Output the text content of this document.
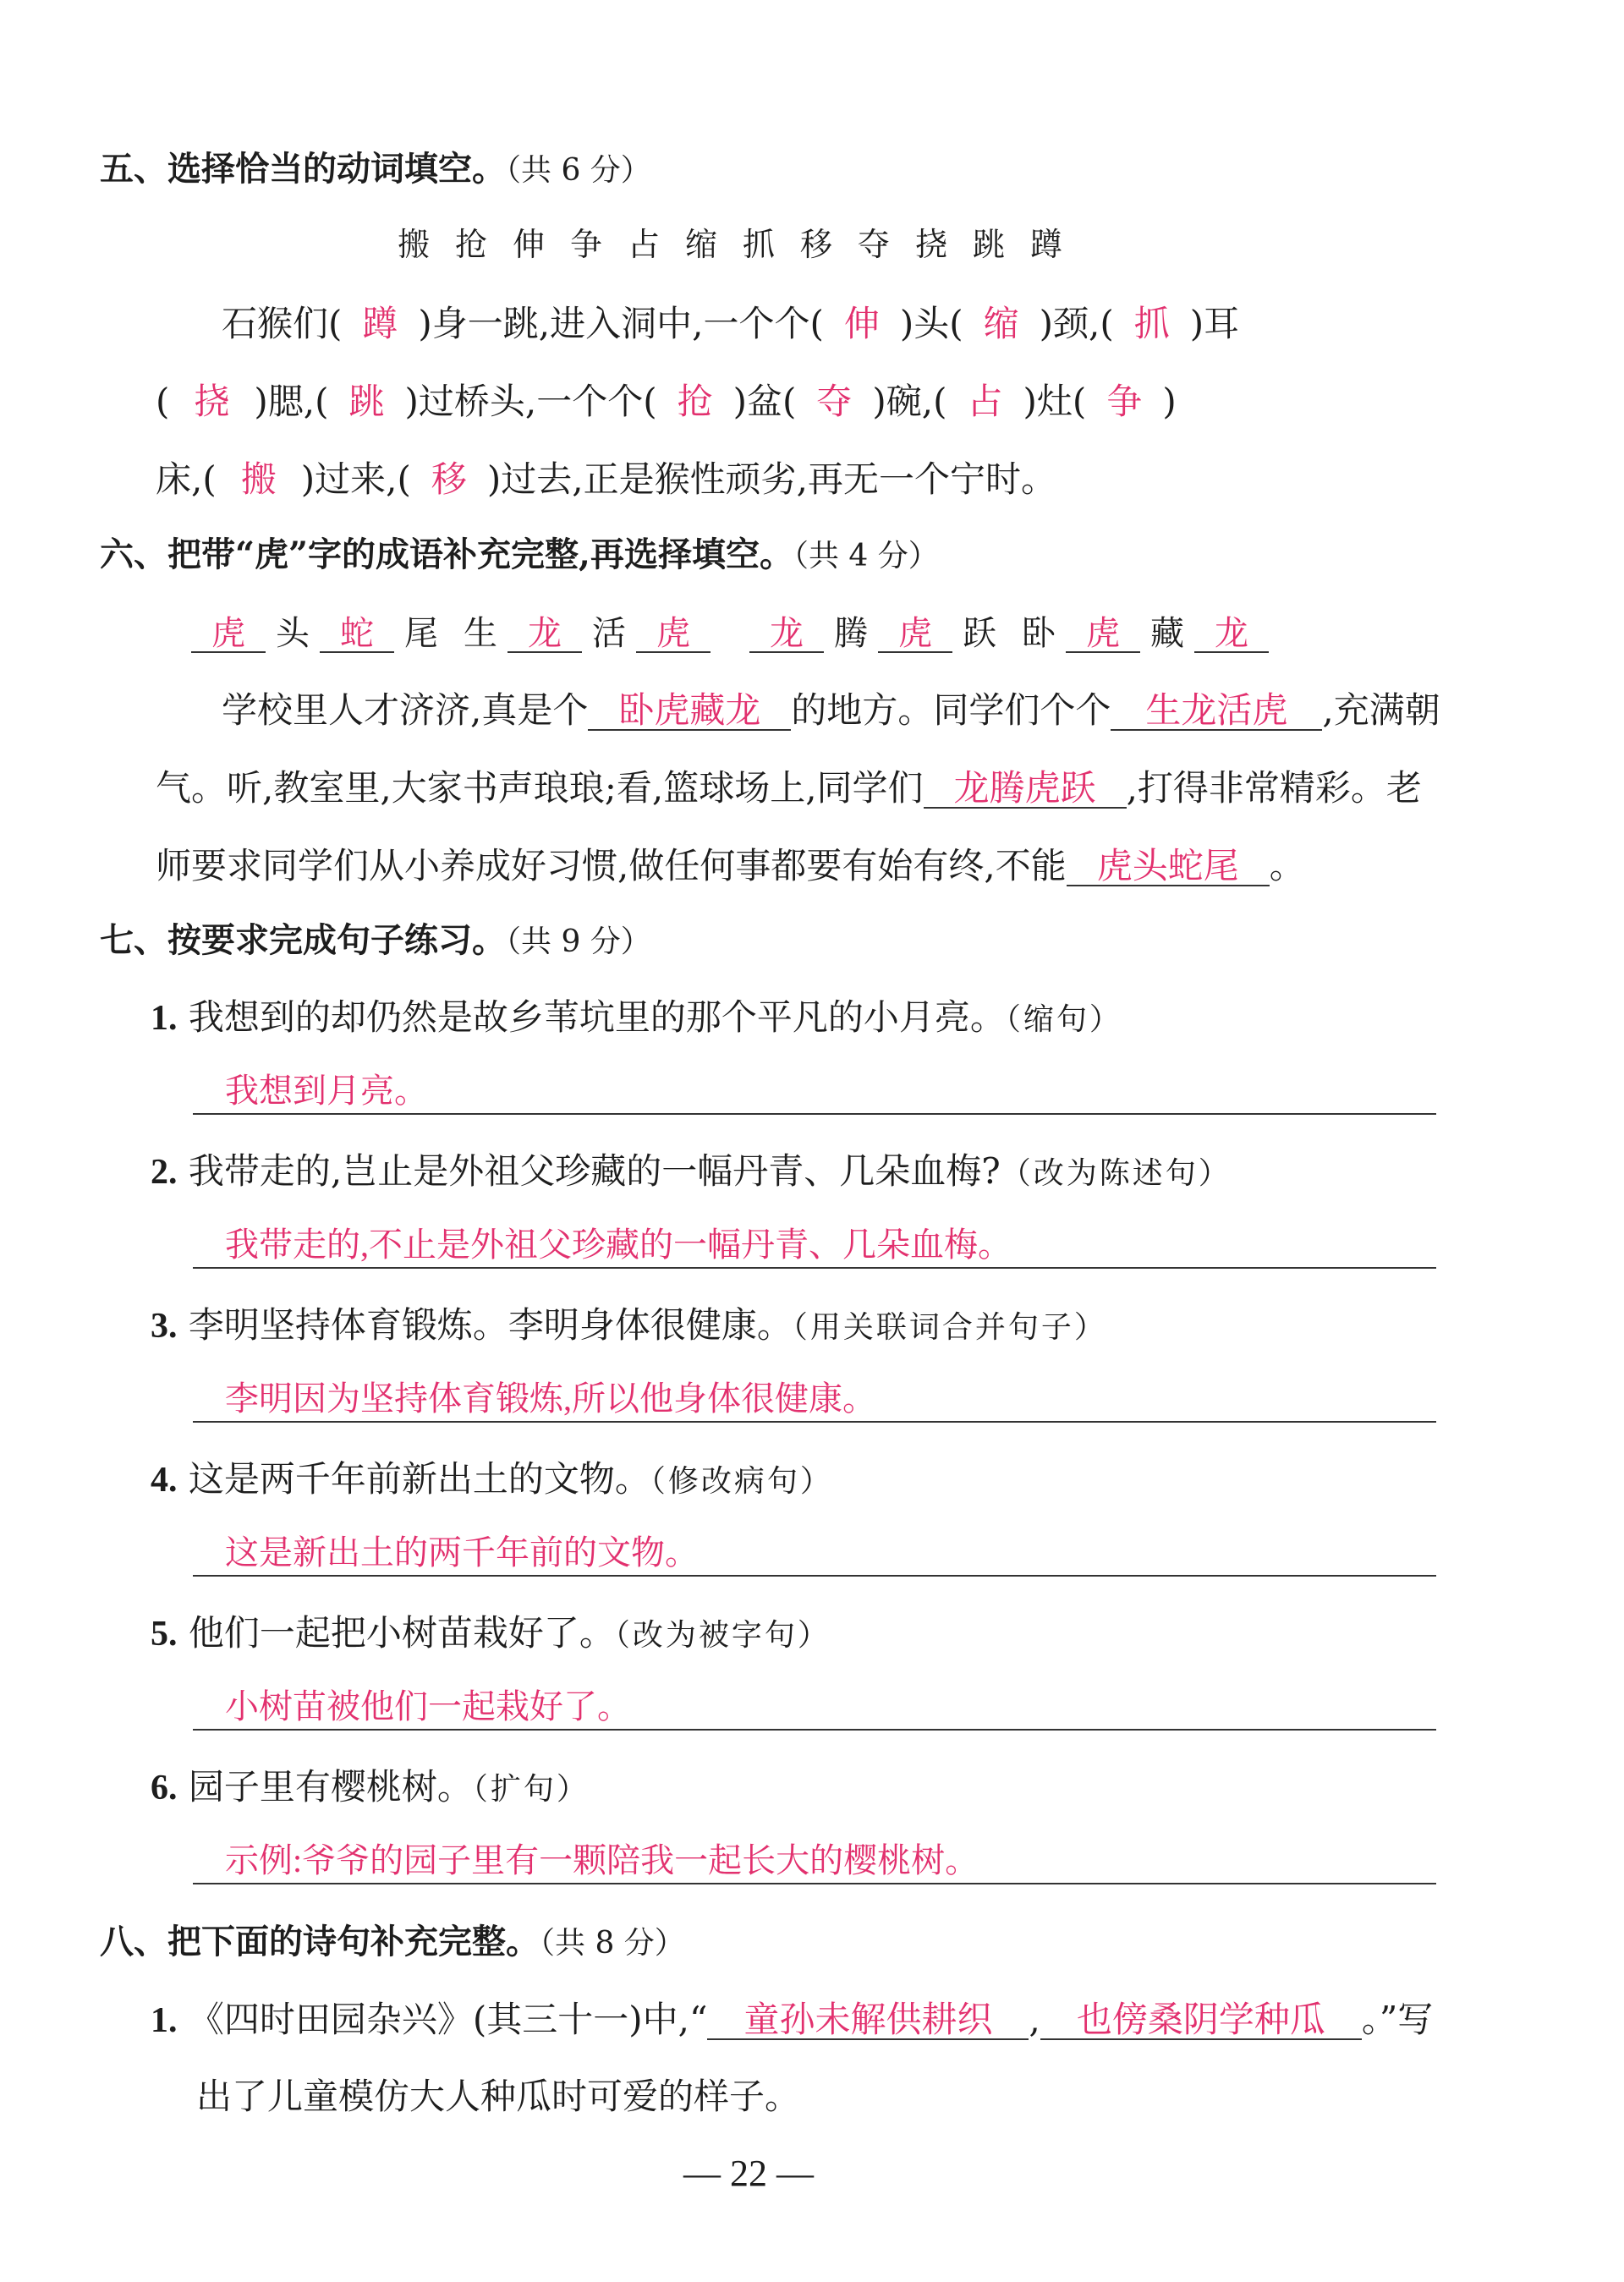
五、选择恰当的动词填空。（共 6 分）
搬抢伸争占缩抓移夺挠跳蹲
石猴们( 蹲 )身一跳,进入洞中,一个个( 伸 )头( 缩 )颈,( 抓 )耳
( 挠 )腮,( 跳 )过桥头,一个个( 抢 )盆( 夺 )碗,( 占 )灶( 争 )
床,( 搬 )过来,( 移 )过去,正是猴性顽劣,再无一个宁时。
六、把带“虎”字的成语补充完整,再选择填空。（共 4 分）
虎 头 蛇 尾 生 龙 活 虎 龙 腾 虎 跃 卧 虎 藏 龙
学校里人才济济,真是个 卧虎藏龙 的地方。同学们个个 生龙活虎 ,充满朝
气。听,教室里,大家书声琅琅;看,篮球场上,同学们 龙腾虎跃 ,打得非常精彩。老
师要求同学们从小养成好习惯,做任何事都要有始有终,不能 虎头蛇尾 。
七、按要求完成句子练习。（共 9 分）
1. 我想到的却仍然是故乡苇坑里的那个平凡的小月亮。（缩句）
我想到月亮。
2. 我带走的,岂止是外祖父珍藏的一幅丹青、几朵血梅?（改为陈述句）
我带走的,不止是外祖父珍藏的一幅丹青、几朵血梅。
3. 李明坚持体育锻炼。李明身体很健康。（用关联词合并句子）
李明因为坚持体育锻炼,所以他身体很健康。
4. 这是两千年前新出土的文物。（修改病句）
这是新出土的两千年前的文物。
5. 他们一起把小树苗栽好了。（改为被字句）
小树苗被他们一起栽好了。
6. 园子里有樱桃树。（扩句）
示例:爷爷的园子里有一颗陪我一起长大的樱桃树。
八、把下面的诗句补充完整。（共 8 分）
1. 《四时田园杂兴》(其三十一)中,“ 童孙未解供耕织 , 也傍桑阴学种瓜 。”写
出了儿童模仿大人种瓜时可爱的样子。
— 22 —
